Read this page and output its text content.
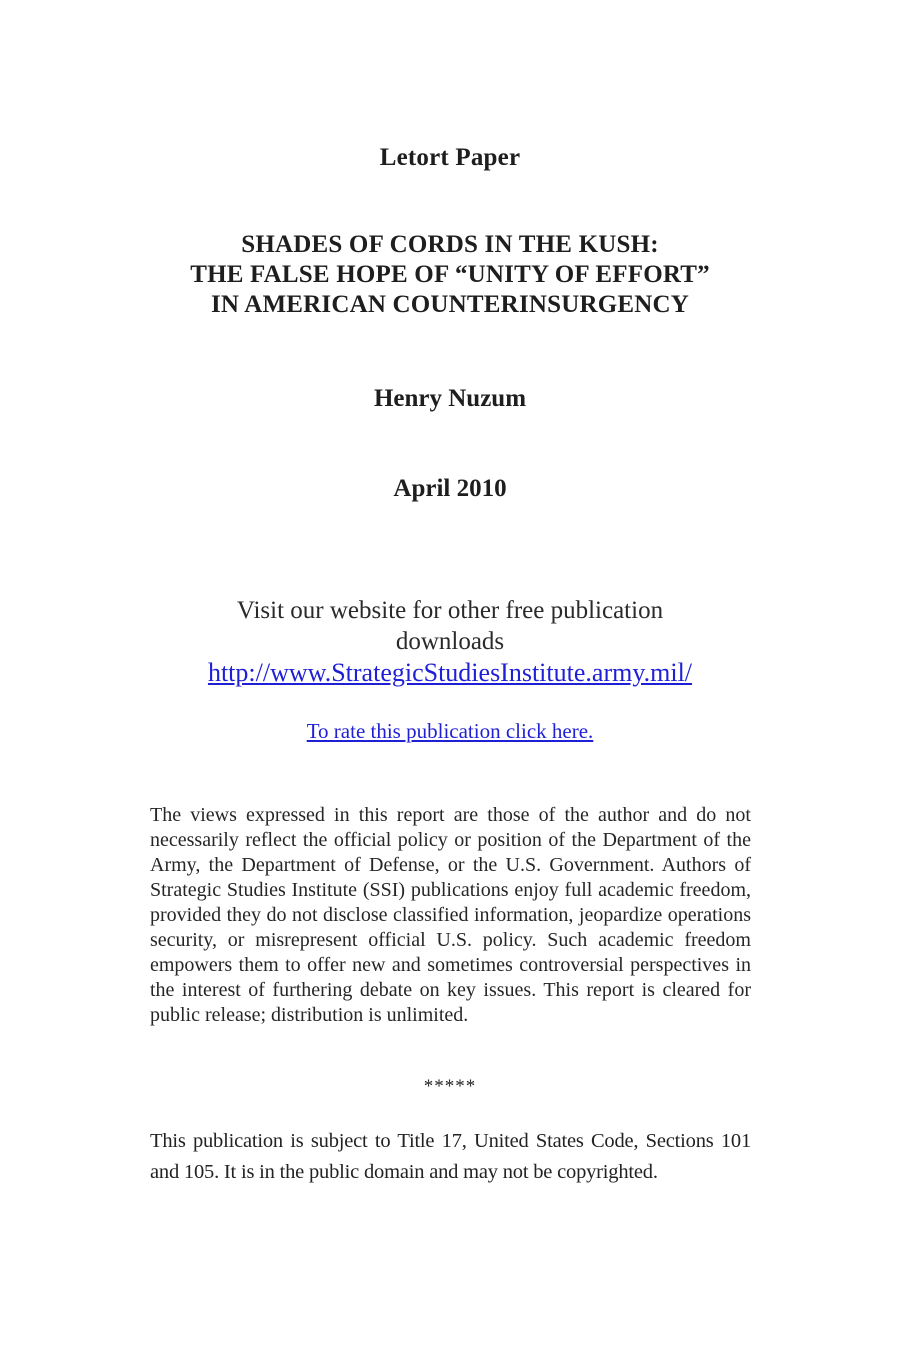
Letort Paper
SHADES OF CORDS IN THE KUSH:
THE FALSE HOPE OF “UNITY OF EFFORT”
IN AMERICAN COUNTERINSURGENCY
Henry Nuzum
April 2010
Visit our website for other free publication
downloads
http://www.StrategicStudiesInstitute.army.mil/
To rate this publication click here.
The views expressed in this report are those of the author and do not necessarily reflect the official policy or position of the Department of the Army, the Department of Defense, or the U.S. Government. Authors of Strategic Studies Institute (SSI) publications enjoy full academic freedom, provided they do not disclose classified information, jeopardize operations security, or misrepresent official U.S. policy. Such academic freedom empowers them to offer new and sometimes controversial perspectives in the interest of furthering debate on key issues. This report is cleared for public release; distribution is unlimited.
*****
This publication is subject to Title 17, United States Code, Sections 101 and 105. It is in the public domain and may not be copyrighted.
